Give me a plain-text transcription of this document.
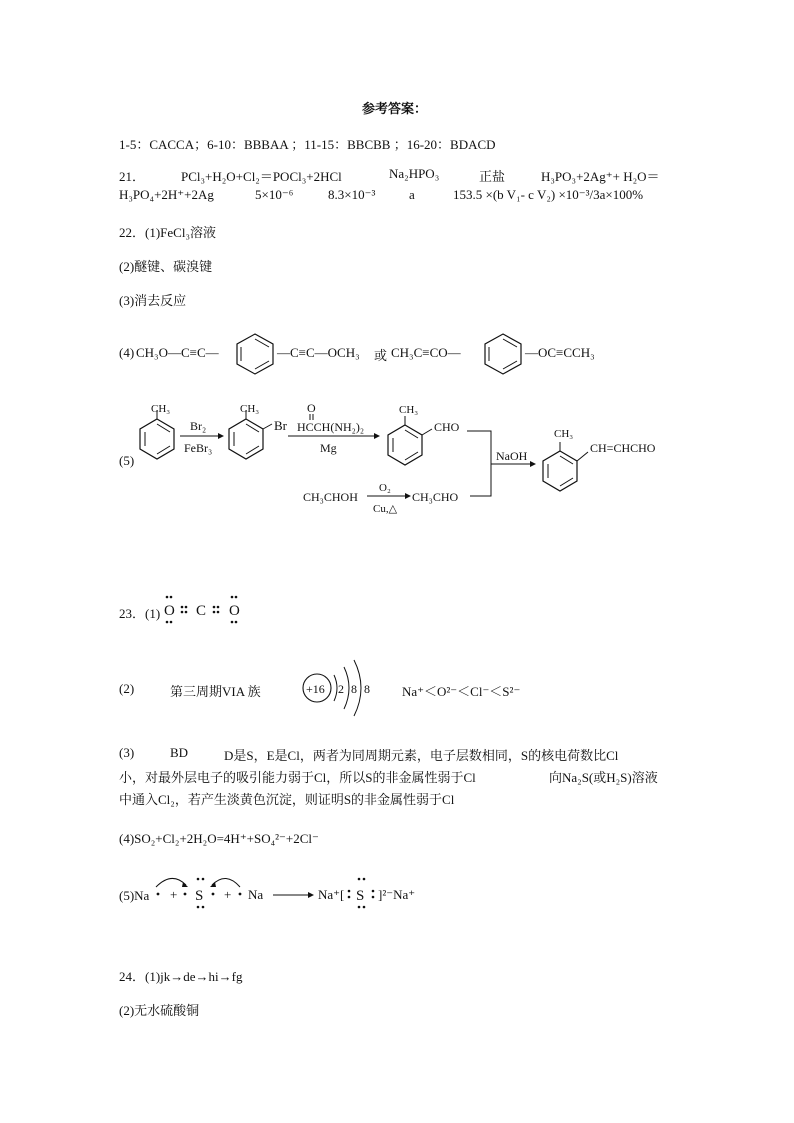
参考答案：
1-5：CACCA；6-10：BBBAA ；11-15：BBCBB ；16-20：BDACD
21．	PCl₃+H₂O+Cl₂＝POCl₃+2HCl	Na₂HPO₃	正盐	H₃PO₃+2Ag⁺+ H₂O＝
H₃PO₄+2H⁺+2Ag	5×10⁻⁶	8.3×10⁻³	a	153.5 ×(b V₁- c V₂) ×10⁻³/3a×100%
22．(1)FeCl₃溶液
(2)醚键、碳溴键
(3)消去反应
(4) CH₃O—C≡C—	—C≡C—OCH₃ 或 CH₃C≡CO—	—OC≡CCH₃
(5)
CH₃
Br₂
FeBr₃
CH₃
Br
O
HCCH(NH₂)₂
Mg
CH₃
CHO
NaOH
CH₃
CH=CHCHO
CH₃CHOH
O₂
Cu,△
CH₃CHO
23．(1) O C O
(2)	第三周期VIA 族	+16 2 8 8 Na⁺＜O²⁻＜Cl⁻＜S²⁻
(3)	BD	D是S，E是Cl，两者为同周期元素，电子层数相同，S的核电荷数比Cl
小，对最外层电子的吸引能力弱于Cl，所以S的非金属性弱于Cl	向Na₂S(或H₂S)溶液
中通入Cl₂，若产生淡黄色沉淀，则证明S的非金属性弱于Cl
(4)SO₂+Cl₂+2H₂O=4H⁺+SO₄²⁻+2Cl⁻
(5)Na + S + Na	Na⁺[ S ]²⁻Na⁺
24．(1)jk→de→hi→fg
(2)无水硫酸铜
